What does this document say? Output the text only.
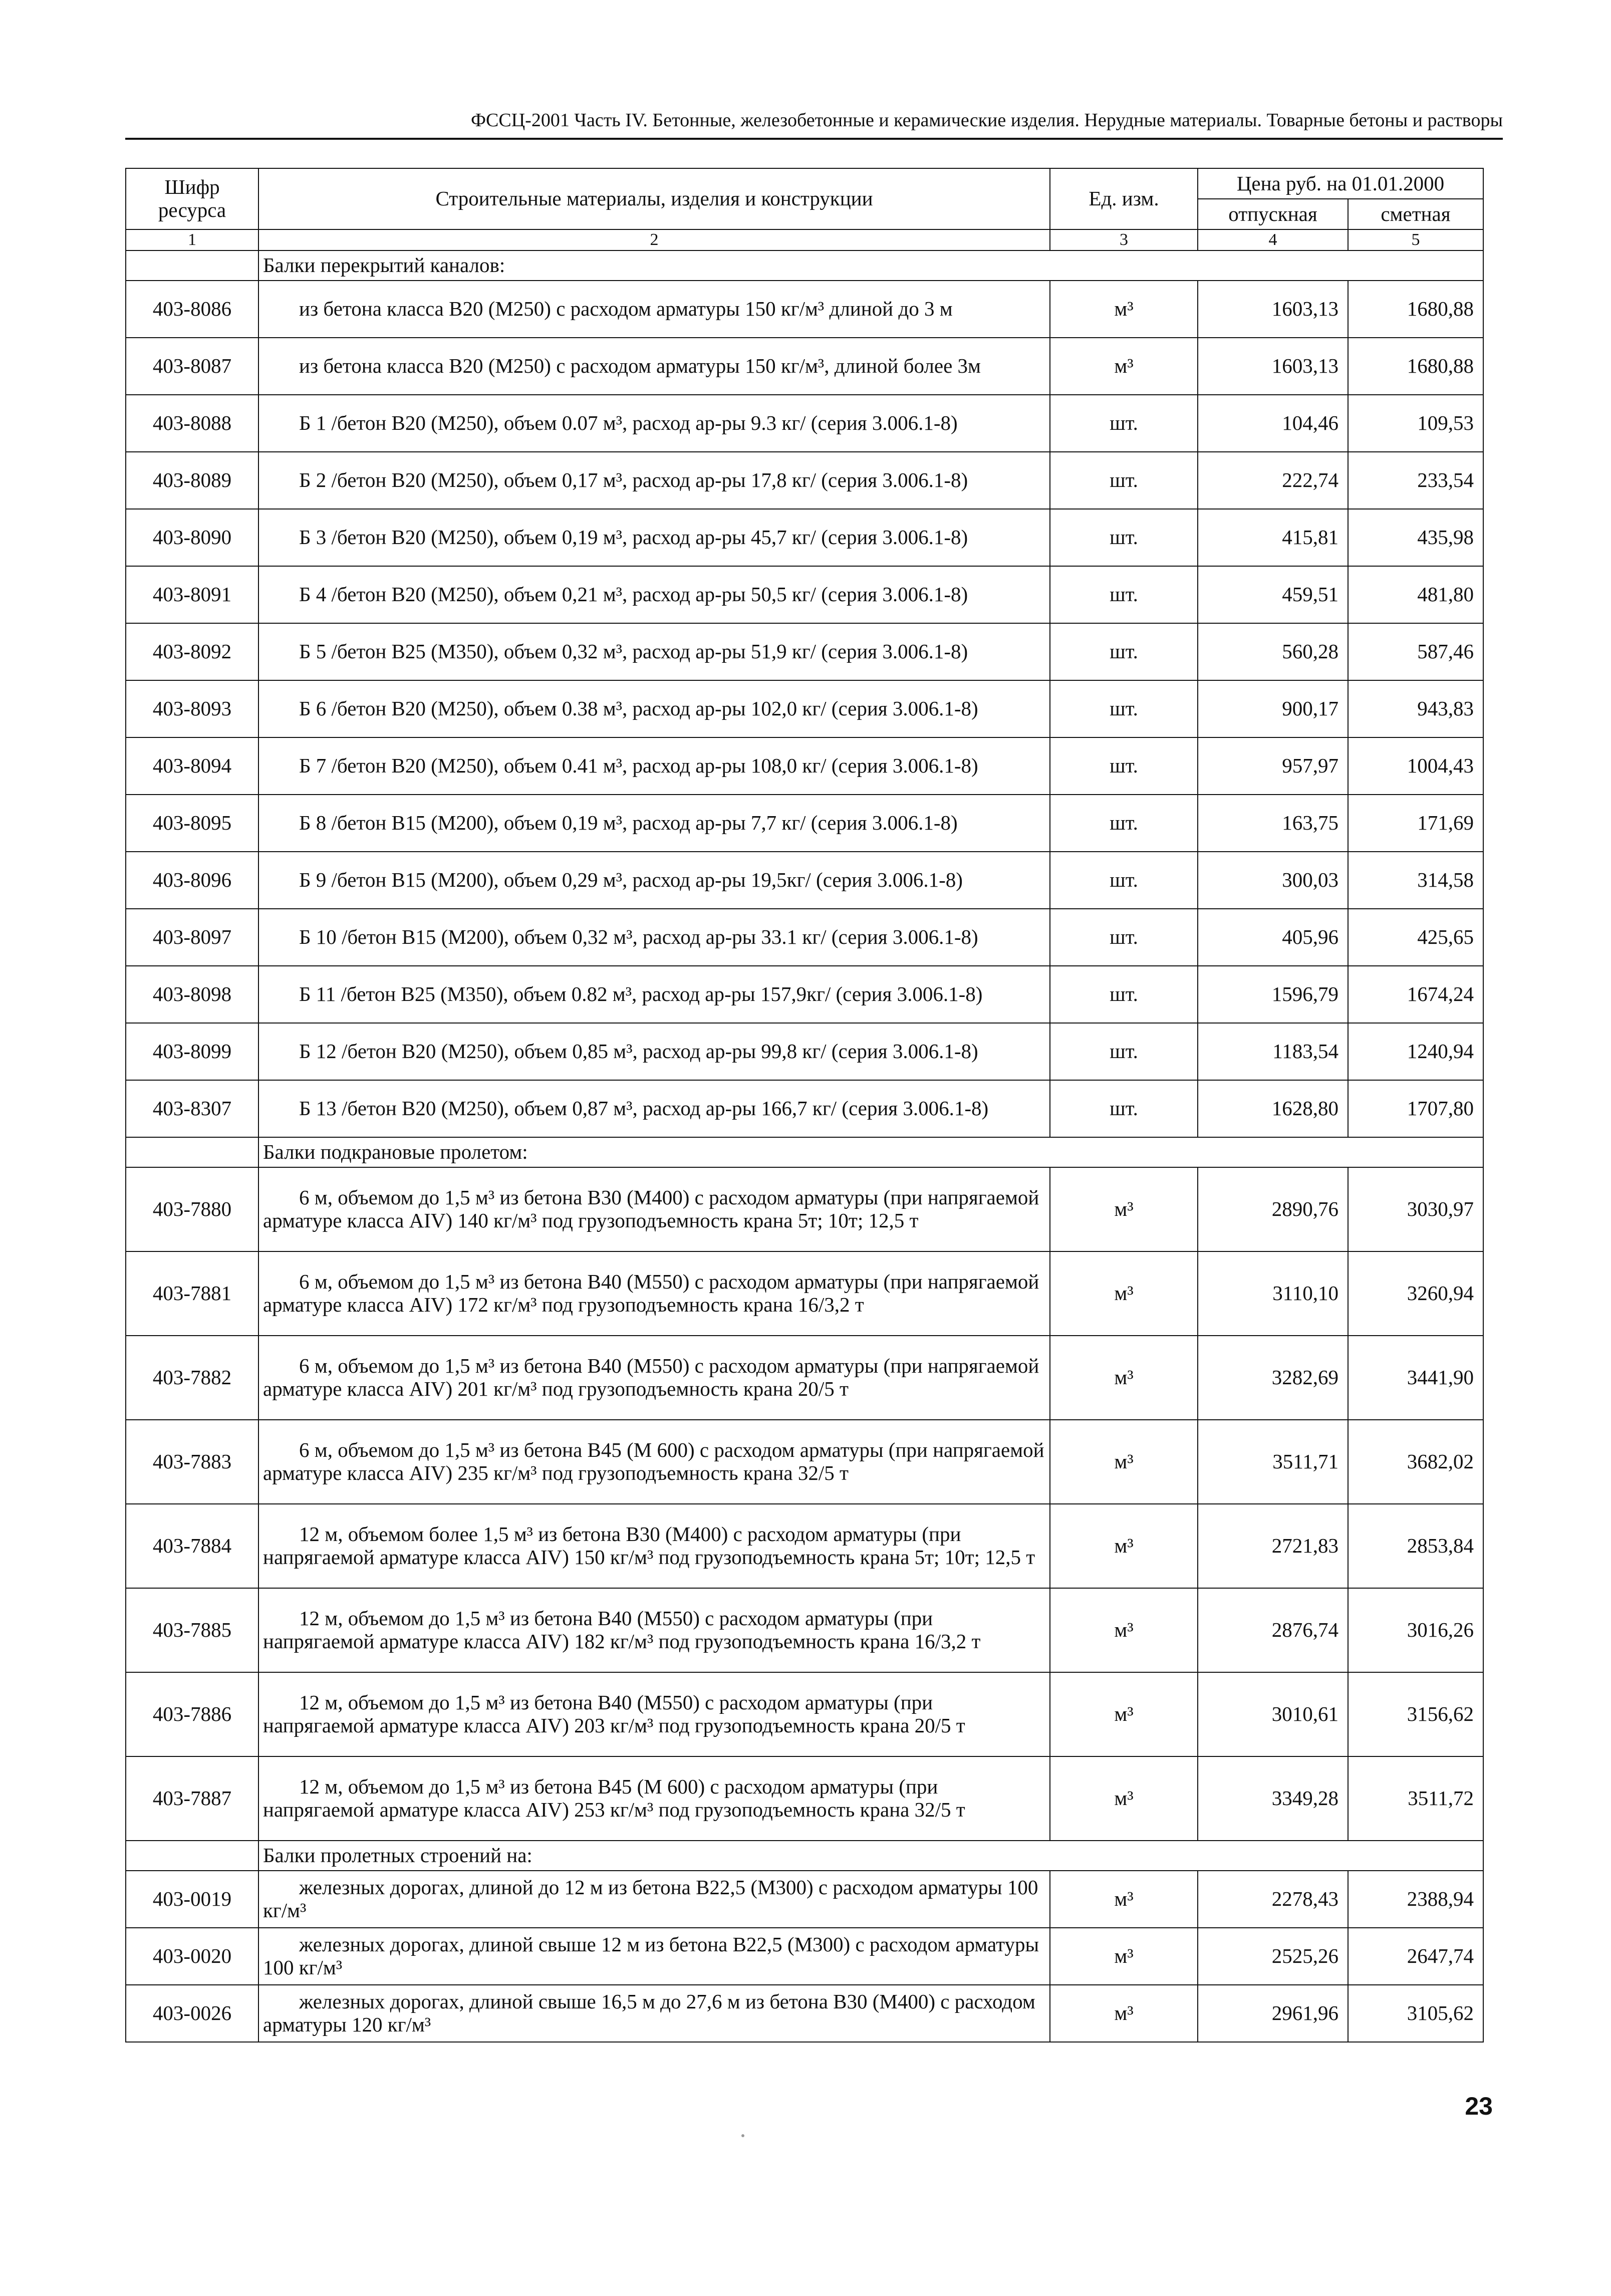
ФССЦ-2001 Часть IV. Бетонные, железобетонные и керамические изделия. Нерудные материалы. Товарные бетоны и растворы
Шифр ресурса	Строительные материалы, изделия и конструкции	Ед. изм.	Цена руб. на 01.01.2000	
			отпускная	сметная
1	2	3	4	5
	Балки перекрытий каналов:			
403-8086	из бетона класса В20 (М250) с расходом арматуры 150 кг/м³ длиной до 3 м	м³	1603,13	1680,88
403-8087	из бетона класса В20 (М250) с расходом арматуры 150 кг/м³, длиной более 3м	м³	1603,13	1680,88
403-8088	Б 1 /бетон В20 (М250), объем 0.07 м³, расход ар-ры 9.3 кг/ (серия 3.006.1-8)	шт.	104,46	109,53
403-8089	Б 2 /бетон В20 (М250), объем 0,17 м³, расход ар-ры 17,8 кг/ (серия 3.006.1-8)	шт.	222,74	233,54
403-8090	Б 3 /бетон В20 (М250), объем 0,19 м³, расход ар-ры 45,7 кг/ (серия 3.006.1-8)	шт.	415,81	435,98
403-8091	Б 4 /бетон В20 (М250), объем 0,21 м³, расход ар-ры 50,5 кг/ (серия 3.006.1-8)	шт.	459,51	481,80
403-8092	Б 5 /бетон В25 (М350), объем 0,32 м³, расход ар-ры 51,9 кг/ (серия 3.006.1-8)	шт.	560,28	587,46
403-8093	Б 6 /бетон В20 (М250), объем 0.38 м³, расход ар-ры 102,0 кг/ (серия 3.006.1-8)	шт.	900,17	943,83
403-8094	Б 7 /бетон В20 (М250), объем 0.41 м³, расход ар-ры 108,0 кг/ (серия 3.006.1-8)	шт.	957,97	1004,43
403-8095	Б 8 /бетон В15 (М200), объем 0,19 м³, расход ар-ры 7,7 кг/ (серия 3.006.1-8)	шт.	163,75	171,69
403-8096	Б 9 /бетон В15 (М200), объем 0,29 м³, расход ар-ры 19,5кг/ (серия 3.006.1-8)	шт.	300,03	314,58
403-8097	Б 10 /бетон В15 (М200), объем 0,32 м³, расход ар-ры 33.1 кг/ (серия 3.006.1-8)	шт.	405,96	425,65
403-8098	Б 11 /бетон В25 (М350), объем 0.82 м³, расход ар-ры 157,9кг/ (серия 3.006.1-8)	шт.	1596,79	1674,24
403-8099	Б 12 /бетон В20 (М250), объем 0,85 м³, расход ар-ры 99,8 кг/ (серия 3.006.1-8)	шт.	1183,54	1240,94
403-8307	Б 13 /бетон В20 (М250), объем 0,87 м³, расход ар-ры 166,7 кг/ (серия 3.006.1-8)	шт.	1628,80	1707,80
	Балки подкрановые пролетом:			
403-7880	6 м, объемом до 1,5 м³ из бетона В30 (М400) с расходом арматуры (при напрягаемой арматуре класса АIV) 140 кг/м³ под грузоподъемность крана 5т; 10т; 12,5 т	м³	2890,76	3030,97
403-7881	6 м, объемом до 1,5 м³ из бетона В40 (М550) с расходом арматуры (при напрягаемой арматуре класса АIV) 172 кг/м³ под грузоподъемность крана 16/3,2 т	м³	3110,10	3260,94
403-7882	6 м, объемом до 1,5 м³ из бетона В40 (М550) с расходом арматуры (при напрягаемой арматуре класса АIV) 201 кг/м³ под грузоподъемность крана 20/5 т	м³	3282,69	3441,90
403-7883	6 м, объемом до 1,5 м³ из бетона В45 (М 600) с расходом арматуры (при напрягаемой арматуре класса АIV) 235 кг/м³ под грузоподъемность крана 32/5 т	м³	3511,71	3682,02
403-7884	12 м, объемом более 1,5 м³ из бетона В30 (М400) с расходом арматуры (при напрягаемой арматуре класса АIV) 150 кг/м³ под грузоподъемность крана 5т; 10т; 12,5 т	м³	2721,83	2853,84
403-7885	12 м, объемом до 1,5 м³ из бетона В40 (М550) с расходом арматуры (при напрягаемой арматуре класса АIV) 182 кг/м³ под грузоподъемность крана 16/3,2 т	м³	2876,74	3016,26
403-7886	12 м, объемом до 1,5 м³ из бетона В40 (М550) с расходом арматуры (при напрягаемой арматуре класса АIV) 203 кг/м³ под грузоподъемность крана 20/5 т	м³	3010,61	3156,62
403-7887	12 м, объемом до 1,5 м³ из бетона В45 (М 600) с расходом арматуры (при напрягаемой арматуре класса АIV) 253 кг/м³ под грузоподъемность крана 32/5 т	м³	3349,28	3511,72
	Балки пролетных строений на:			
403-0019	железных дорогах, длиной до 12 м из бетона В22,5 (М300) с расходом арматуры 100 кг/м³	м³	2278,43	2388,94
403-0020	железных дорогах, длиной свыше 12 м из бетона В22,5 (М300) с расходом арматуры 100 кг/м³	м³	2525,26	2647,74
403-0026	железных дорогах, длиной свыше 16,5 м до 27,6 м из бетона В30 (М400) с расходом арматуры 120 кг/м³	м³	2961,96	3105,62
23
